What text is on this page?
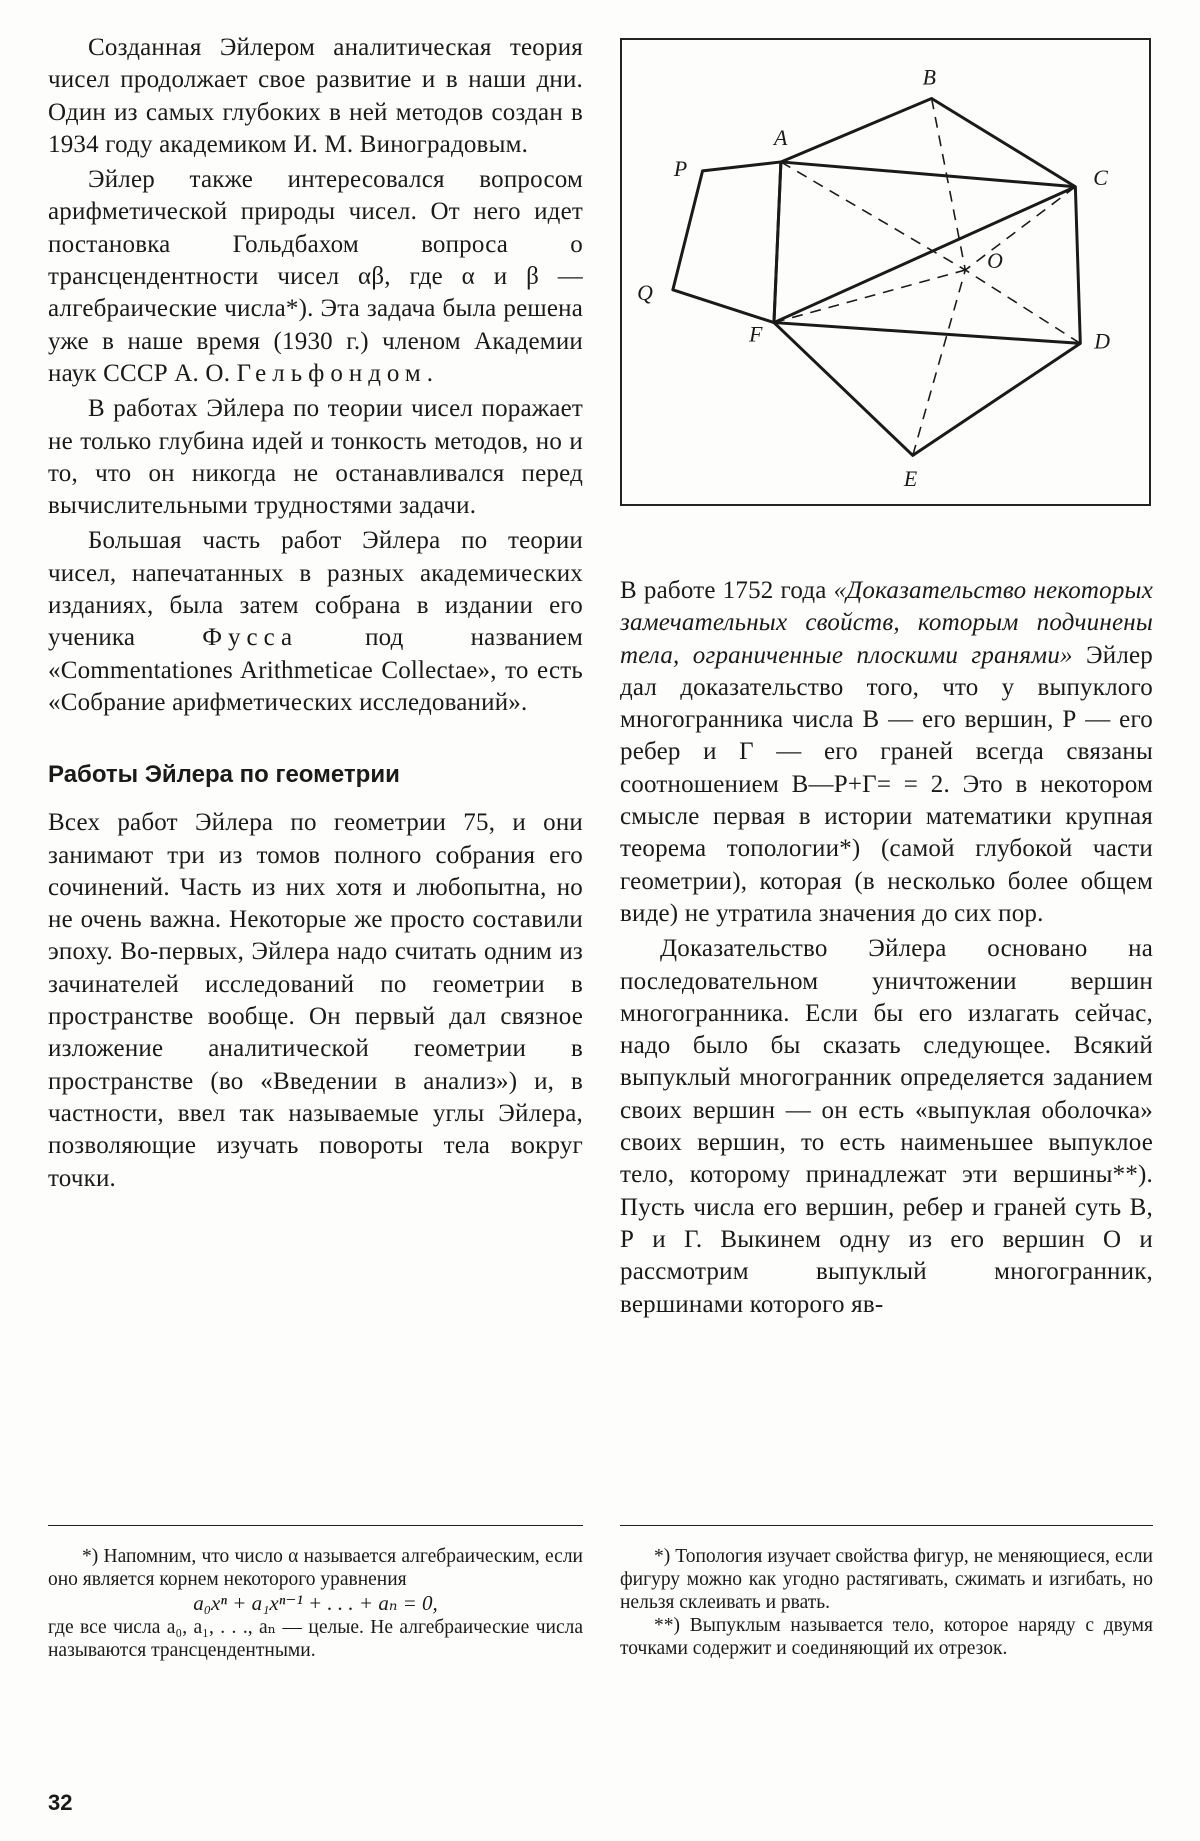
Созданная Эйлером аналитическая теория чисел продолжает свое развитие и в наши дни. Один из самых глубоких в ней методов создан в 1934 году академиком И. М. Виноградовым.

Эйлер также интересовался вопросом арифметической природы чисел. От него идет постановка Гольдбахом вопроса о трансцендентности чисел αβ, где α и β — алгебраические числа*). Эта задача была решена уже в наше время (1930 г.) членом Академии наук СССР А. О. Гельфондом.

В работах Эйлера по теории чисел поражает не только глубина идей и тонкость методов, но и то, что он никогда не останавливался перед вычислительными трудностями задачи.

Большая часть работ Эйлера по теории чисел, напечатанных в разных академических изданиях, была затем собрана в издании его ученика Фусса под названием «Commentationes Arithmeticae Collectae», то есть «Собрание арифметических исследований».

Работы Эйлера по геометрии

Всех работ Эйлера по геометрии 75, и они занимают три из томов полного собрания его сочинений. Часть из них хотя и любопытна, но не очень важна. Некоторые же просто составили эпоху. Во-первых, Эйлера надо считать одним из зачинателей исследований по геометрии в пространстве вообще. Он первый дал связное изложение аналитической геометрии в пространстве (во «Введении в анализ») и, в частности, ввел так называемые углы Эйлера, позволяющие изучать повороты тела вокруг точки.

B
A
P	C
O
Q
F	D
E

В работе 1752 года «Доказательство некоторых замечательных свойств, которым подчинены тела, ограниченные плоскими гранями» Эйлер дал доказательство того, что у выпуклого многогранника числа В — его вершин, Р — его ребер и Г — его граней всегда связаны соотношением В—Р+Г= = 2. Это в некотором смысле первая в истории математики крупная теорема топологии*) (самой глубокой части геометрии), которая (в несколько более общем виде) не утратила значения до сих пор.

Доказательство Эйлера основано на последовательном уничтожении вершин многогранника. Если бы его излагать сейчас, надо было бы сказать следующее. Всякий выпуклый многогранник определяется заданием своих вершин — он есть «выпуклая оболочка» своих вершин, то есть наименьшее выпуклое тело, которому принадлежат эти вершины**). Пусть числа его вершин, ребер и граней суть В, Р и Г. Выкинем одну из его вершин О и рассмотрим выпуклый многогранник, вершинами которого яв-

*) Напомним, что число α называется алгебраическим, если оно является корнем некоторого уравнения

a₀xⁿ + a₁xⁿ⁻¹ + . . . + aₙ = 0,

где все числа a₀, a₁, . . ., aₙ — целые. Не алгебраические числа называются трансцендентными.

*) Топология изучает свойства фигур, не меняющиеся, если фигуру можно как угодно растягивать, сжимать и изгибать, но нельзя склеивать и рвать.

**) Выпуклым называется тело, которое наряду с двумя точками содержит и соединяющий их отрезок.

32
